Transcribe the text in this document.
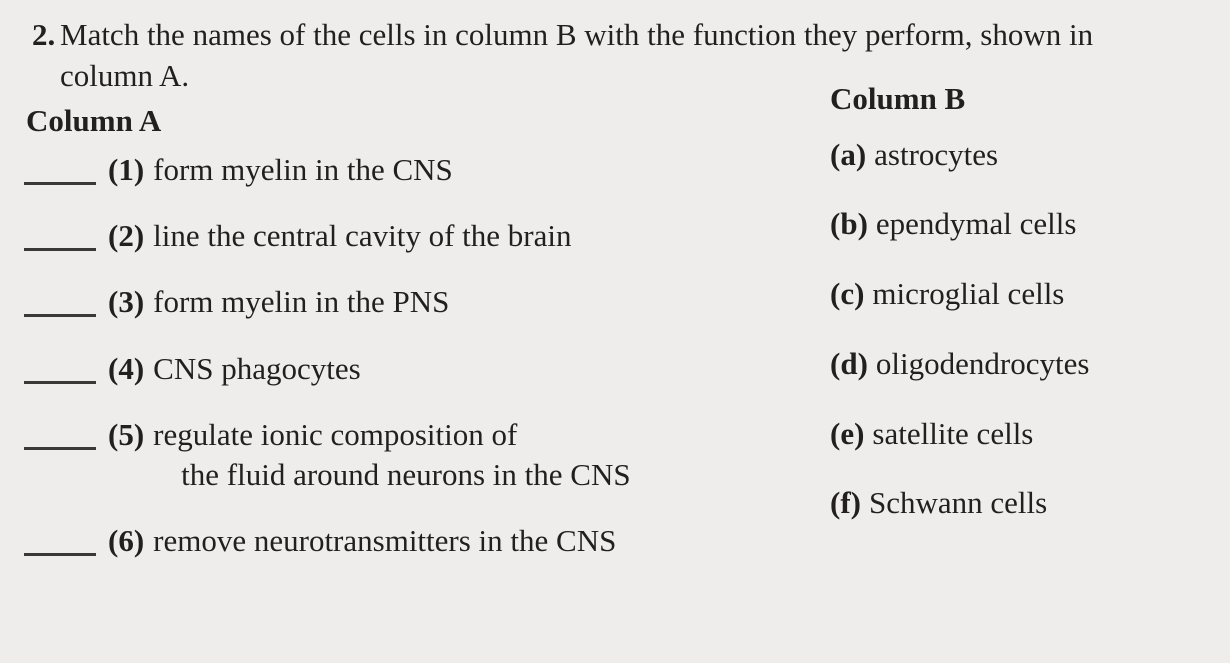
2. Match the names of the cells in column B with the function they perform, shown in column A.
Column A
(1) form myelin in the CNS
(2) line the central cavity of the brain
(3) form myelin in the PNS
(4) CNS phagocytes
(5) regulate ionic composition of
the fluid around neurons in the CNS
(6) remove neurotransmitters in the CNS
Column B
(a) astrocytes
(b) ependymal cells
(c) microglial cells
(d) oligodendrocytes
(e) satellite cells
(f) Schwann cells
